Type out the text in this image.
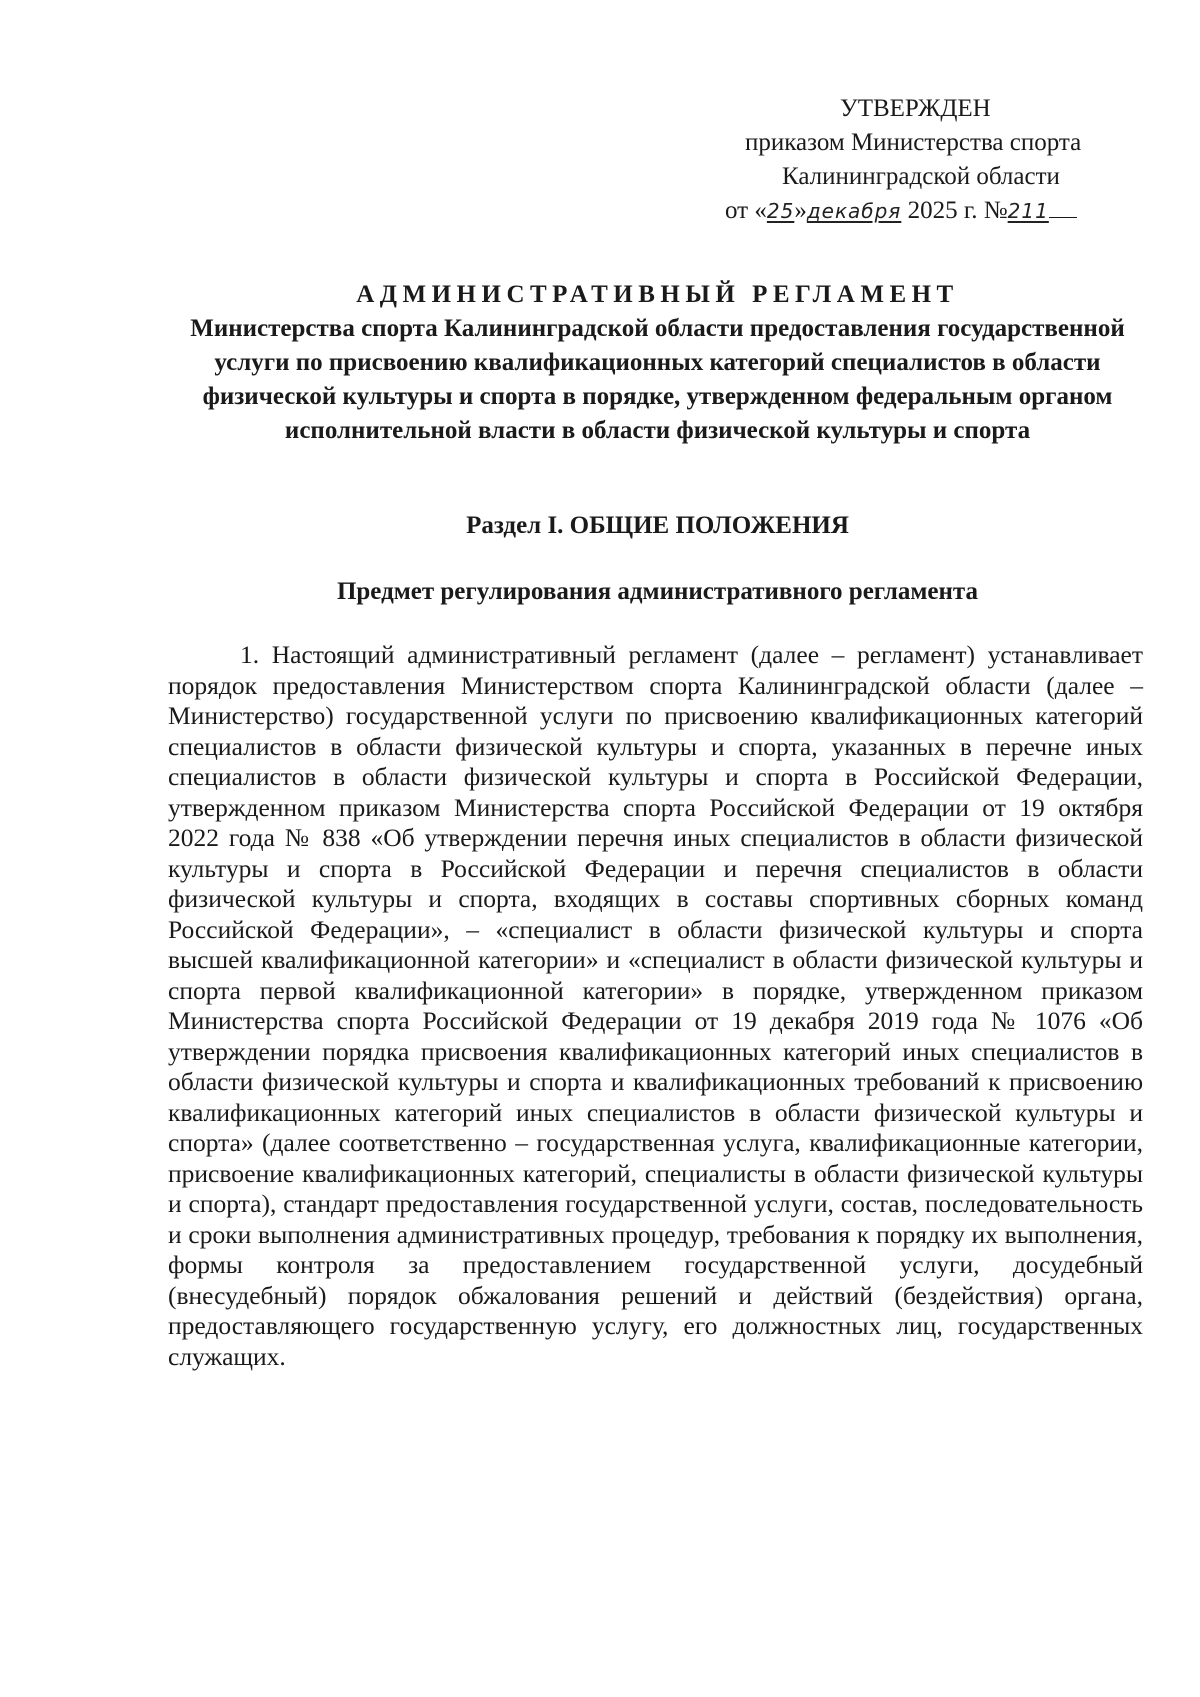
УТВЕРЖДЕН
приказом Министерства спорта
Калининградской области
от «25»декабря 2025 г. №211
АДМИНИСТРАТИВНЫЙ РЕГЛАМЕНТ
Министерства спорта Калининградской области предоставления государственной услуги по присвоению квалификационных категорий специалистов в области физической культуры и спорта в порядке, утвержденном федеральным органом исполнительной власти в области физической культуры и спорта
Раздел I. ОБЩИЕ ПОЛОЖЕНИЯ
Предмет регулирования административного регламента
1. Настоящий административный регламент (далее – регламент) устанавливает порядок предоставления Министерством спорта Калининградской области (далее – Министерство) государственной услуги по присвоению квалификационных категорий специалистов в области физической культуры и спорта, указанных в перечне иных специалистов в области физической культуры и спорта в Российской Федерации, утвержденном приказом Министерства спорта Российской Федерации от 19 октября 2022 года № 838 «Об утверждении перечня иных специалистов в области физической культуры и спорта в Российской Федерации и перечня специалистов в области физической культуры и спорта, входящих в составы спортивных сборных команд Российской Федерации», – «специалист в области физической культуры и спорта высшей квалификационной категории» и «специалист в области физической культуры и спорта первой квалификационной категории» в порядке, утвержденном приказом Министерства спорта Российской Федерации от 19 декабря 2019 года № 1076 «Об утверждении порядка присвоения квалификационных категорий иных специалистов в области физической культуры и спорта и квалификационных требований к присвоению квалификационных категорий иных специалистов в области физической культуры и спорта» (далее соответственно – государственная услуга, квалификационные категории, присвоение квалификационных категорий, специалисты в области физической культуры и спорта), стандарт предоставления государственной услуги, состав, последовательность и сроки выполнения административных процедур, требования к порядку их выполнения, формы контроля за предоставлением государственной услуги, досудебный (внесудебный) порядок обжалования решений и действий (бездействия) органа, предоставляющего государственную услугу, его должностных лиц, государственных служащих.
